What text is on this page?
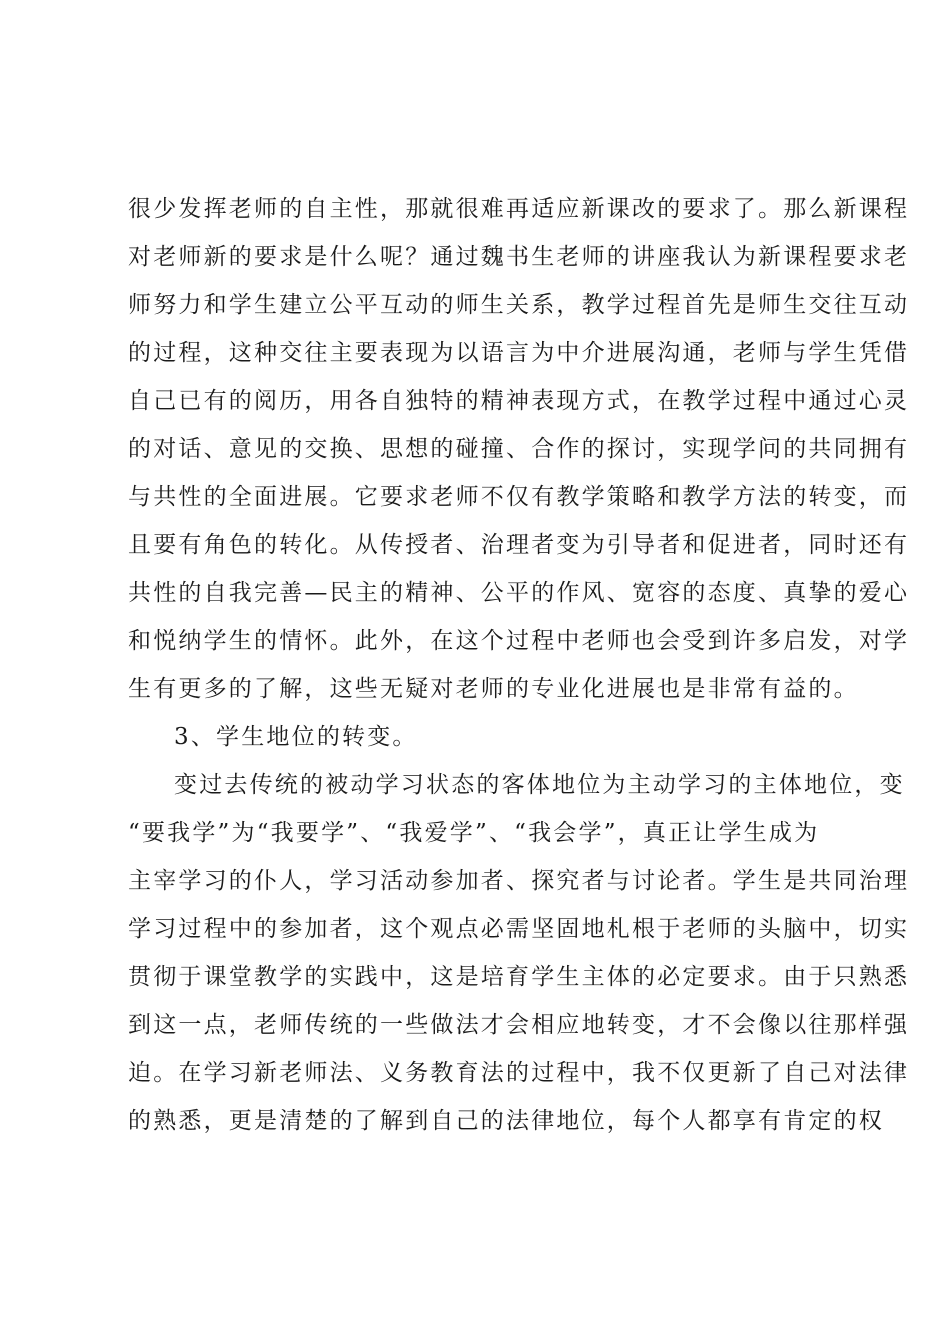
很少发挥老师的自主性，那就很难再适应新课改的要求了。那么新课程
对老师新的要求是什么呢？通过魏书生老师的讲座我认为新课程要求老
师努力和学生建立公平互动的师生关系，教学过程首先是师生交往互动
的过程，这种交往主要表现为以语言为中介进展沟通，老师与学生凭借
自己已有的阅历，用各自独特的精神表现方式，在教学过程中通过心灵
的对话、意见的交换、思想的碰撞、合作的探讨，实现学问的共同拥有
与共性的全面进展。它要求老师不仅有教学策略和教学方法的转变，而
且要有角色的转化。从传授者、治理者变为引导者和促进者，同时还有
共性的自我完善—民主的精神、公平的作风、宽容的态度、真挚的爱心
和悦纳学生的情怀。此外，在这个过程中老师也会受到许多启发，对学
生有更多的了解，这些无疑对老师的专业化进展也是非常有益的。
3、学生地位的转变。
变过去传统的被动学习状态的客体地位为主动学习的主体地位，变
“要我学”为“我要学”、“我爱学”、“我会学”，真正让学生成为
主宰学习的仆人，学习活动参加者、探究者与讨论者。学生是共同治理
学习过程中的参加者，这个观点必需坚固地札根于老师的头脑中，切实
贯彻于课堂教学的实践中，这是培育学生主体的必定要求。由于只熟悉
到这一点，老师传统的一些做法才会相应地转变，才不会像以往那样强
迫。在学习新老师法、义务教育法的过程中，我不仅更新了自己对法律
的熟悉，更是清楚的了解到自己的法律地位，每个人都享有肯定的权
